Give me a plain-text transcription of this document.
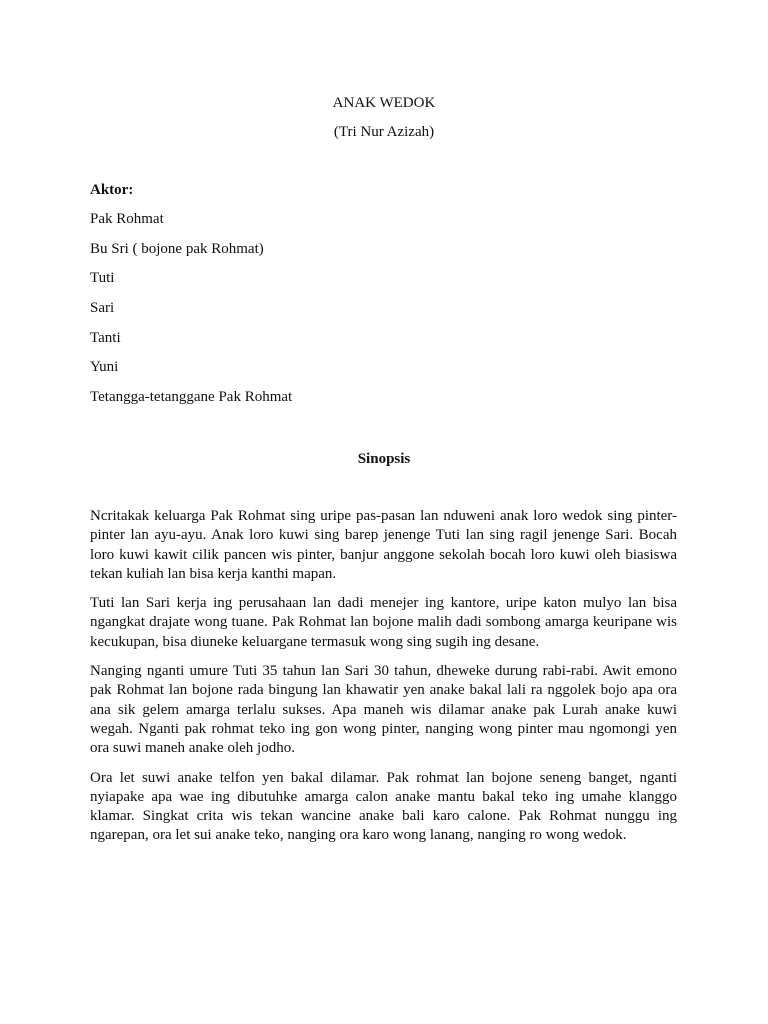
ANAK WEDOK
(Tri Nur Azizah)
Aktor:
Pak Rohmat
Bu Sri ( bojone pak Rohmat)
Tuti
Sari
Tanti
Yuni
Tetangga-tetanggane Pak Rohmat
Sinopsis

Ncritakak keluarga Pak Rohmat sing uripe pas-pasan lan nduweni anak loro wedok sing pinter-pinter lan ayu-ayu. Anak loro kuwi sing barep jenenge Tuti lan sing ragil jenenge Sari. Bocah loro kuwi kawit cilik pancen wis pinter, banjur anggone sekolah bocah loro kuwi oleh biasiswa tekan kuliah lan bisa kerja kanthi mapan.

Tuti lan Sari kerja ing perusahaan lan dadi menejer ing kantore, uripe katon mulyo lan bisa ngangkat drajate wong tuane. Pak Rohmat lan bojone malih dadi sombong amarga keuripane wis kecukupan, bisa diuneke keluargane termasuk wong sing sugih ing desane.

Nanging nganti umure Tuti 35 tahun lan Sari 30 tahun, dheweke durung rabi-rabi. Awit emono pak Rohmat lan bojone rada bingung lan khawatir yen anake bakal lali ra nggolek bojo apa ora ana sik gelem amarga terlalu sukses. Apa maneh wis dilamar anake pak Lurah anake kuwi wegah. Nganti pak rohmat teko ing gon wong pinter, nanging wong pinter mau ngomongi yen ora suwi maneh anake oleh jodho.

Ora let suwi anake telfon yen bakal dilamar. Pak rohmat lan bojone seneng banget, nganti nyiapake apa wae ing dibutuhke amarga calon anake mantu bakal teko ing umahe klanggo klamar. Singkat crita wis tekan wancine anake bali karo calone. Pak Rohmat nunggu ing ngarepan, ora let sui anake teko, nanging ora karo wong lanang, nanging ro wong wedok.
